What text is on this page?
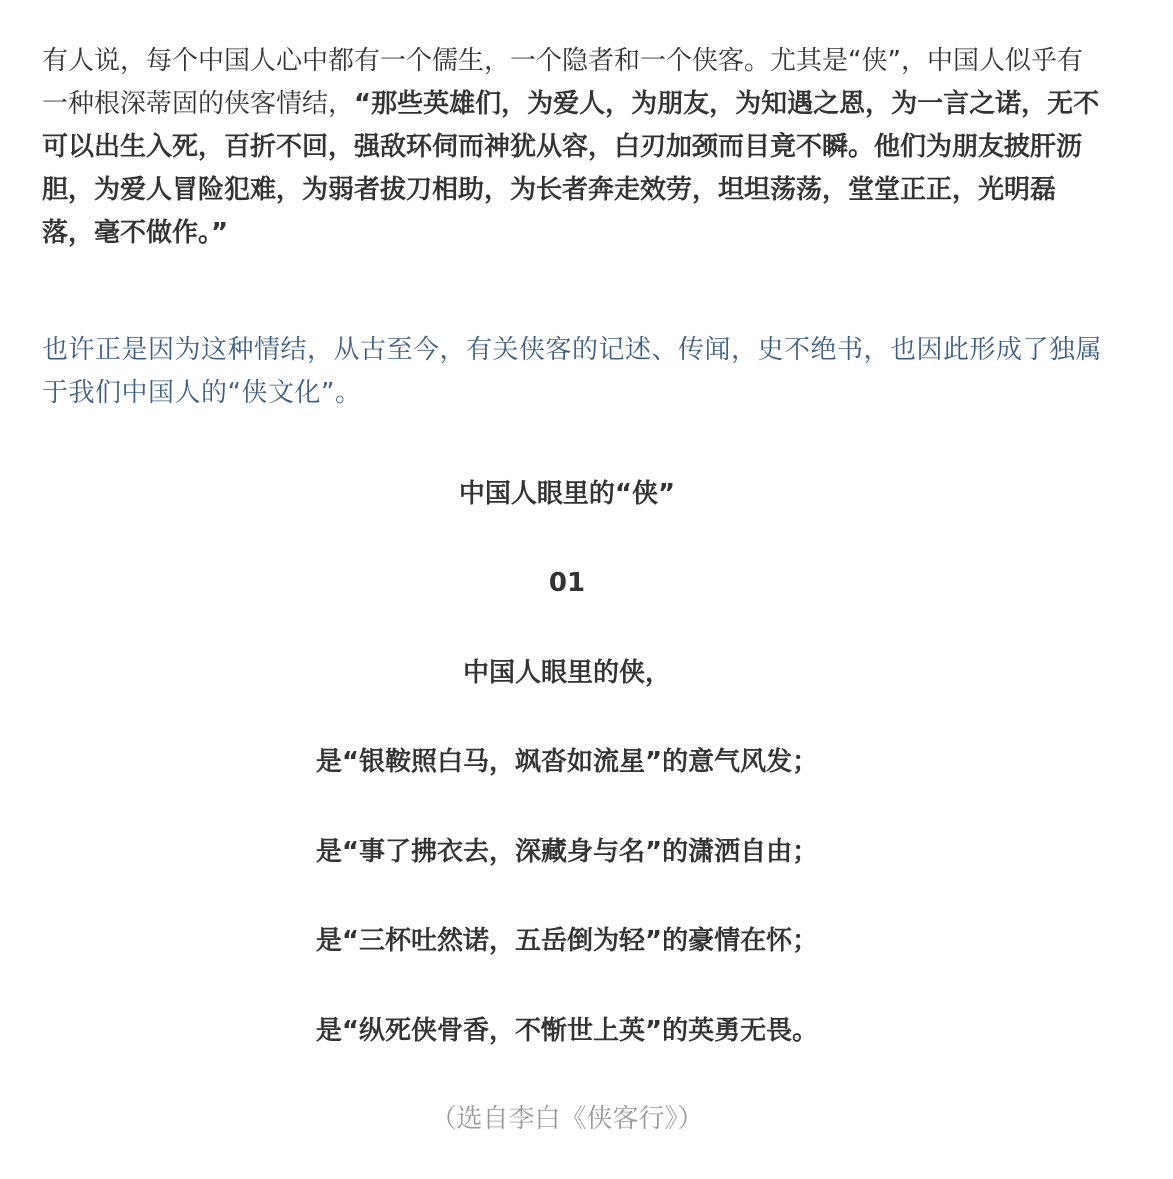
有人说，每个中国人心中都有一个儒生，一个隐者和一个侠客。尤其是“侠”，中国人似乎有一种根深蒂固的侠客情结，“那些英雄们，为爱人，为朋友，为知遇之恩，为一言之诺，无不可以出生入死，百折不回，强敌环伺而神犹从容，白刃加颈而目竟不瞬。他们为朋友披肝沥胆，为爱人冒险犯难，为弱者拔刀相助，为长者奔走效劳，坦坦荡荡，堂堂正正，光明磊落，毫不做作。”

也许正是因为这种情结，从古至今，有关侠客的记述、传闻，史不绝书，也因此形成了独属于我们中国人的“侠文化”。

中国人眼里的“侠”

01

中国人眼里的侠，

是“银鞍照白马，飒沓如流星”的意气风发；

是“事了拂衣去，深藏身与名”的潇洒自由；

是“三杯吐然诺，五岳倒为轻”的豪情在怀；

是“纵死侠骨香，不惭世上英”的英勇无畏。

（选自李白《侠客行》）
